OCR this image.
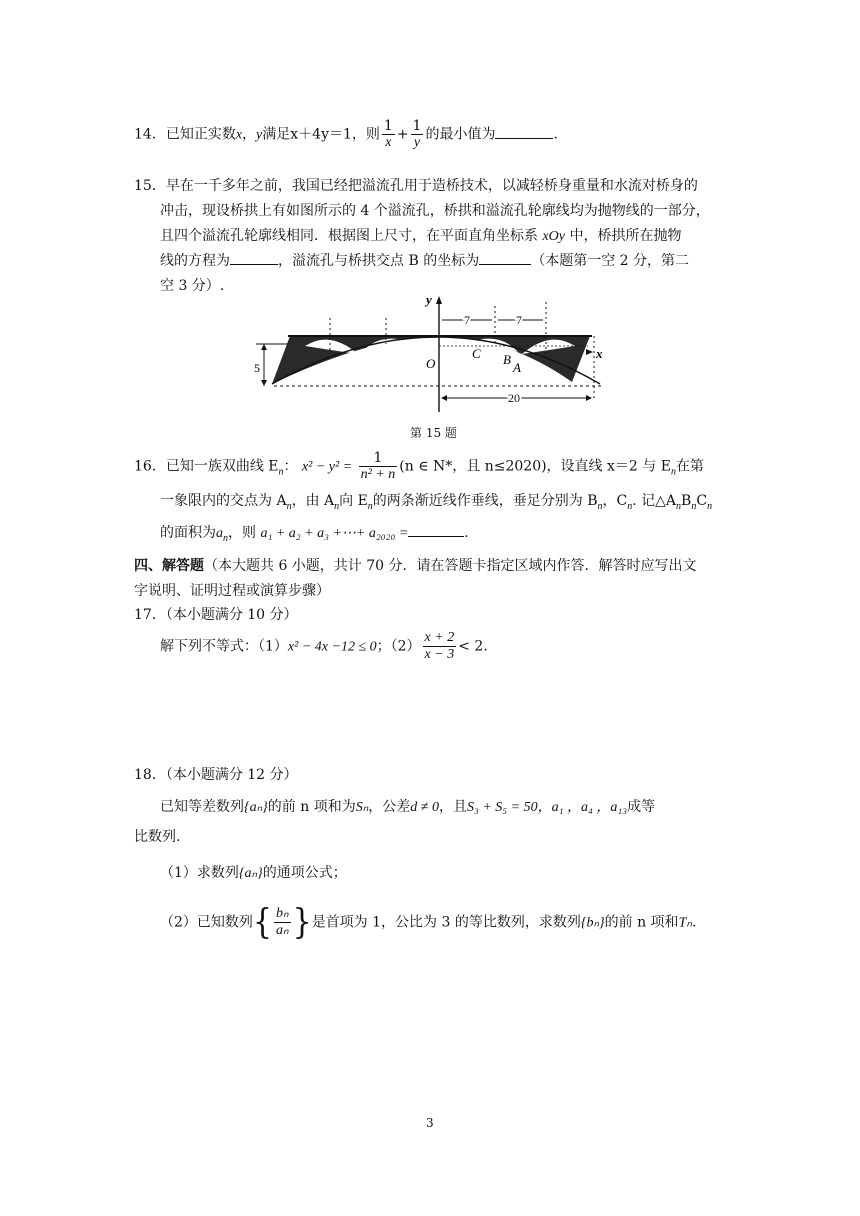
14．已知正实数x，y满足x＋4y＝1，则 $\frac{1}{x} + \frac{1}{y}$ 的最小值为	.
15．早在一千多年之前，我国已经把溢流孔用于造桥技术，以减轻桥身重量和水流对桥身的
冲击，现设桥拱上有如图所示的 4 个溢流孔，桥拱和溢流孔轮廓线均为抛物线的一部分，
且四个溢流孔轮廓线相同．根据图上尺寸，在平面直角坐标系 xOy 中，桥拱所在抛物
线的方程为	，溢流孔与桥拱交点 B 的坐标为	（本题第一空 2 分，第二
空 3 分）.
y
x
O
C B
A
7	7
5
20
第 15 题
16．已知一族双曲线 $E_n$： $x^2 - y^2 = \frac{1}{\text{n² + n}} (n$ ∈ N*，且 n≤2020)，设直线 x＝2 与 $E_n$在第
一象限内的交点为 $A_n$，由 $A_n$向 $E_n$的两条渐近线作垂线，垂足分别为 $B_n$，$C_n$. 记$\triangle A_nB_nC_n$
的面积为$a_n$，则 a₁ + a₂ + a₃ +⋯+ a₂₀₂₀ =	.
四、解答题（本大题共 6 小题，共计 70 分．请在答题卡指定区域内作答．解答时应写出文
字说明、证明过程或演算步骤）
17．（本小题满分 10 分）
解下列不等式：（1）x² − 4x −12 ≤ 0；$(2) \frac{x + 2}{x - 3} < 2$.
18．（本小题满分 12 分）
已知等差数列{aₙ}的前 n 项和为Sₙ，公差d ≠ 0，且S₃ + S₅ = 50，a₁ ，a₄ ，a₁₃成等
比数列.
（1）求数列{aₙ}的通项公式；
（2）已知数列{ $\frac{\text{bₙ}}{\text{aₙ}}$ }是首项为 1，公比为 3 的等比数列，求数列{bₙ}的前 n 项和Tₙ.
3
